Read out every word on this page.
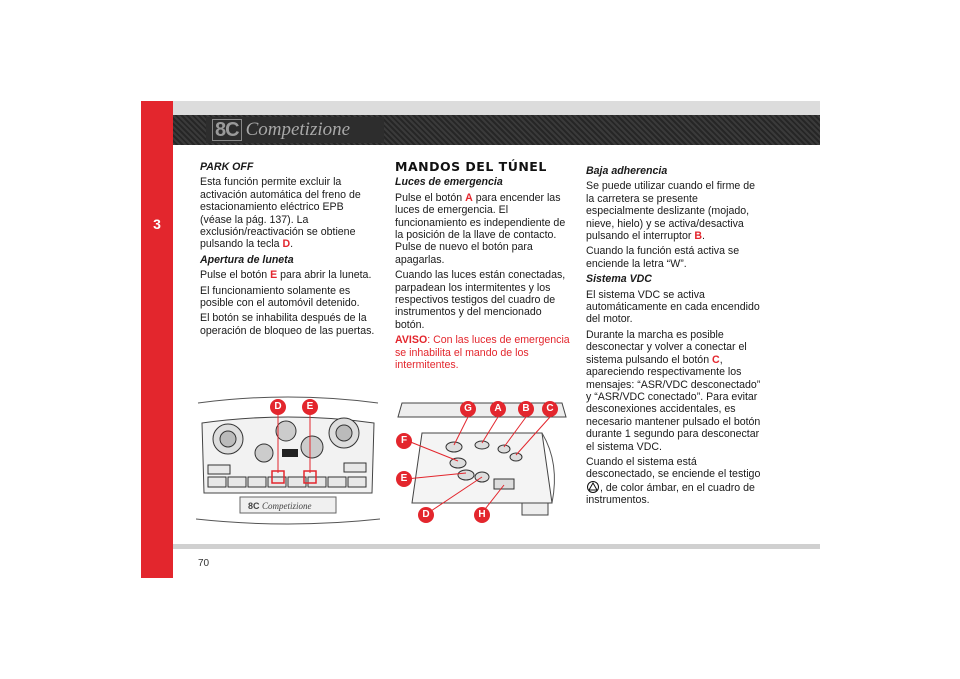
3
8C Competizione

PARK OFF

Esta función permite excluir la activación automática del freno de estacionamiento eléctrico EPB (véase la pág. 137). La exclusión/reactivación se obtiene pulsando la tecla D.

Apertura de luneta

Pulse el botón E para abrir la luneta.

El funcionamiento solamente es posible con el automóvil detenido.

El botón se inhabilita después de la operación de bloqueo de las puertas.

MANDOS DEL TÚNEL

Luces de emergencia

Pulse el botón A para encender las luces de emergencia. El funcionamiento es independiente de la posición de la llave de contacto. Pulse de nuevo el botón para apagarlas.

Cuando las luces están conectadas, parpadean los intermitentes y los respectivos testigos del cuadro de instrumentos y del mencionado botón.

AVISO: Con las luces de emergencia se inhabilita el mando de los intermitentes.

Baja adherencia

Se puede utilizar cuando el firme de la carretera se presente especialmente deslizante (mojado, nieve, hielo) y se activa/desactiva pulsando el interruptor B.

Cuando la función está activa se enciende la letra “W”.

Sistema VDC

El sistema VDC se activa automáticamente en cada encendido del motor.

Durante la marcha es posible desconectar y volver a conectar el sistema pulsando el botón C, apareciendo respectivamente los mensajes: “ASR/VDC desconectado” y “ASR/VDC conectado”. Para evitar desconexiones accidentales, es necesario mantener pulsado el botón durante 1 segundo para desconectar el sistema VDC.

Cuando el sistema está desconectado, se enciende el testigo , de color ámbar, en el cuadro de instrumentos.

8C Competizione
D	E	G	A	B	C
F
E
D	H
70
